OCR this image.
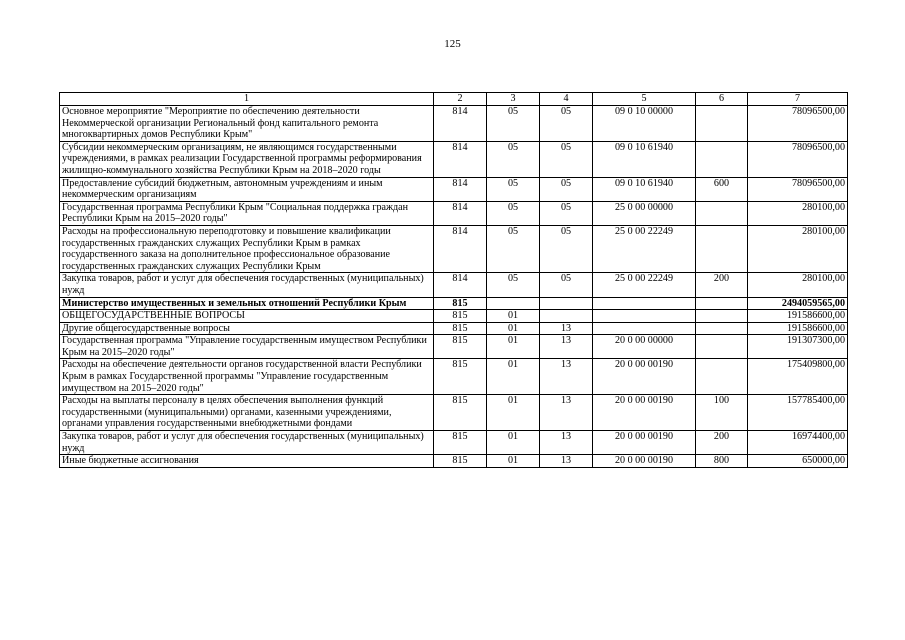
125
1	2	3	4	5	6	7
Основное мероприятие "Мероприятие по обеспечению деятельности Некоммерческой организации Региональный фонд капитального ремонта многоквартирных домов Республики Крым"	814	05	05	09 0 10 00000		78096500,00
Субсидии некоммерческим организациям, не являющимся государственными учреждениями, в рамках реализации Государственной программы реформирования жилищно-коммунального хозяйства Республики Крым на 2018–2020 годы	814	05	05	09 0 10 61940		78096500,00
Предоставление субсидий бюджетным, автономным учреждениям и иным некоммерческим организациям	814	05	05	09 0 10 61940	600	78096500,00
Государственная программа Республики Крым "Социальная поддержка граждан Республики Крым на 2015–2020 годы"	814	05	05	25 0 00 00000		280100,00
Расходы на профессиональную переподготовку и повышение квалификации государственных гражданских служащих Республики Крым в рамках государственного заказа на дополнительное профессиональное образование государственных гражданских служащих Республики Крым	814	05	05	25 0 00 22249		280100,00
Закупка товаров, работ и услуг для обеспечения государственных (муниципальных) нужд	814	05	05	25 0 00 22249	200	280100,00
Министерство имущественных и земельных отношений Республики Крым	815					2494059565,00
ОБЩЕГОСУДАРСТВЕННЫЕ ВОПРОСЫ	815	01				191586600,00
Другие общегосударственные вопросы	815	01	13			191586600,00
Государственная программа "Управление государственным имуществом Республики Крым на 2015–2020 годы"	815	01	13	20 0 00 00000		191307300,00
Расходы на обеспечение деятельности органов государственной власти Республики Крым в рамках Государственной программы "Управление государственным имуществом на 2015–2020 годы"	815	01	13	20 0 00 00190		175409800,00
Расходы на выплаты персоналу в целях обеспечения выполнения функций государственными (муниципальными) органами, казенными учреждениями, органами управления государственными внебюджетными фондами	815	01	13	20 0 00 00190	100	157785400,00
Закупка товаров, работ и услуг для обеспечения государственных (муниципальных) нужд	815	01	13	20 0 00 00190	200	16974400,00
Иные бюджетные ассигнования	815	01	13	20 0 00 00190	800	650000,00
